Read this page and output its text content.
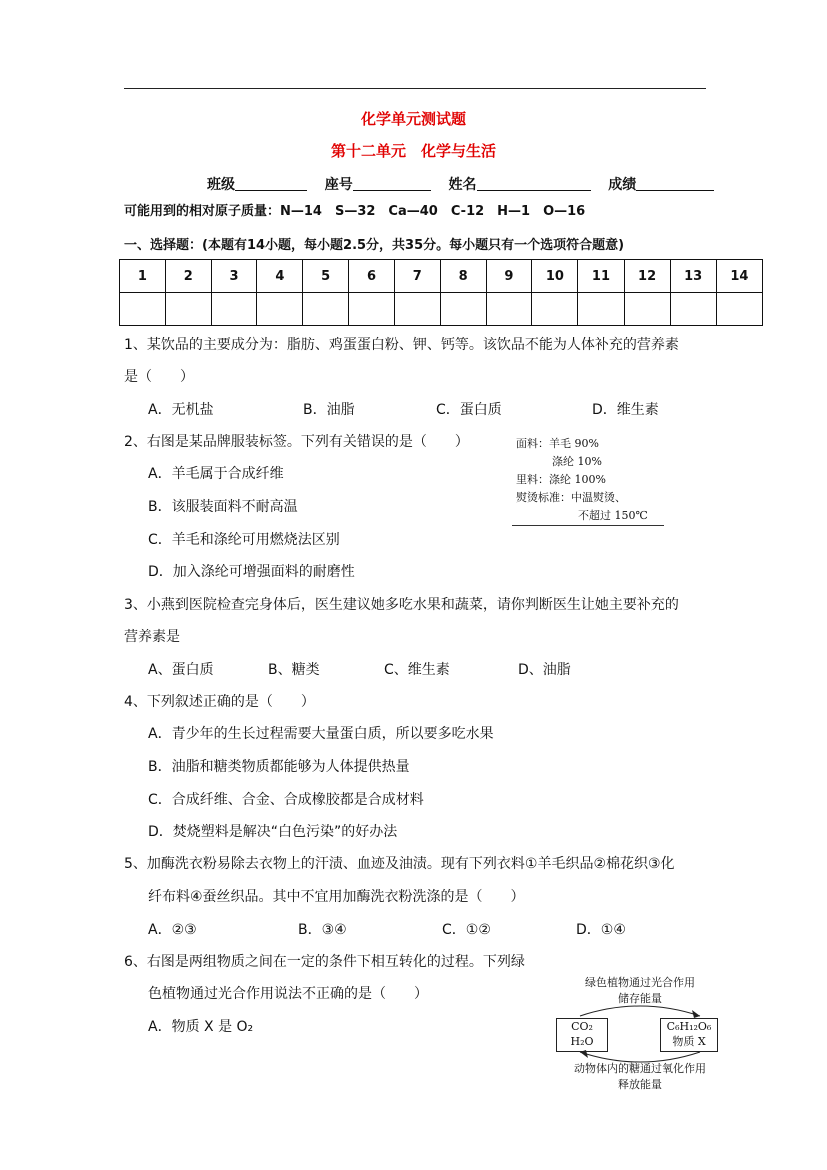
化学单元测试题
第十二单元　化学与生活
班级	座号	姓名	成绩
可能用到的相对原子质量：N—14　S—32　Ca—40　C-12　H—1　O—16
一、选择题：(本题有14小题，每小题2.5分，共35分。每小题只有一个选项符合题意)
1	2	3	4	5	6	7	8	9	10	11	12	13	14

1、某饮品的主要成分为：脂肪、鸡蛋蛋白粉、钾、钙等。该饮品不能为人体补充的营养素
是（　　）
A．无机盐	B．油脂	C．蛋白质	D．维生素
2、右图是某品牌服装标签。下列有关错误的是（　　）
A．羊毛属于合成纤维
B．该服装面料不耐高温
C．羊毛和涤纶可用燃烧法区别
D．加入涤纶可增强面料的耐磨性
面料：羊毛 90%
涤纶 10%
里料：涤纶 100%
熨烫标准：中温熨烫、
不超过 150℃
3、小燕到医院检查完身体后，医生建议她多吃水果和蔬菜，请你判断医生让她主要补充的
营养素是
A、蛋白质	B、糖类	C、维生素	D、油脂
4、下列叙述正确的是（　　）
A．青少年的生长过程需要大量蛋白质，所以要多吃水果
B．油脂和糖类物质都能够为人体提供热量
C．合成纤维、合金、合成橡胶都是合成材料
D．焚烧塑料是解决“白色污染”的好办法
5、加酶洗衣粉易除去衣物上的汗渍、血迹及油渍。现有下列衣料①羊毛织品②棉花织③化
纤布料④蚕丝织品。其中不宜用加酶洗衣粉洗涤的是（　　）
A．②③	B．③④	C．①②	D．①④
6、右图是两组物质之间在一定的条件下相互转化的过程。下列绿
色植物通过光合作用说法不正确的是（　　）
A．物质 X 是 O₂
绿色植物通过光合作用
储存能量
CO₂
H₂O
C₆H₁₂O₆
物质 X
动物体内的糖通过氧化作用
释放能量
